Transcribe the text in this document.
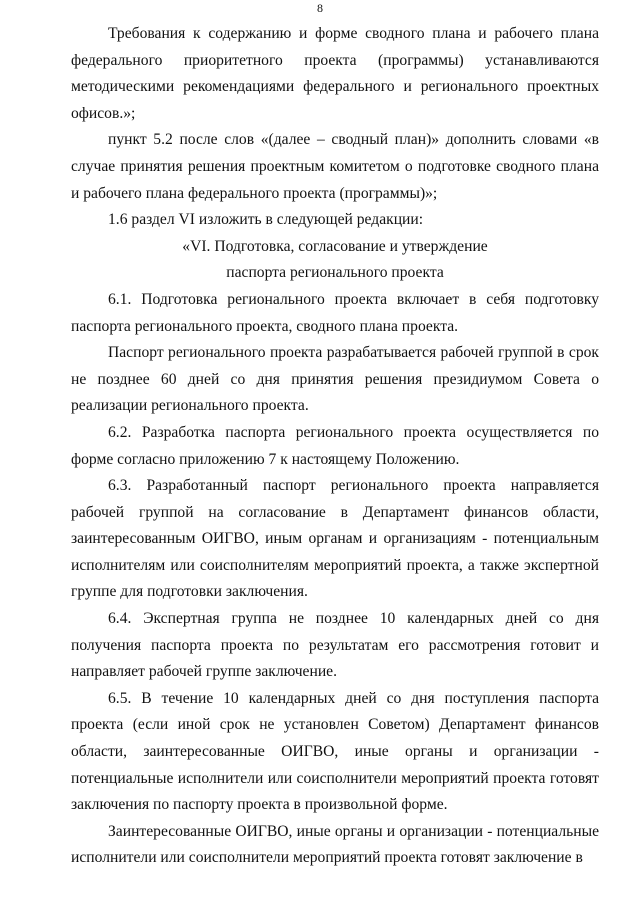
8

Требования к содержанию и форме сводного плана и рабочего плана федерального приоритетного проекта (программы) устанавливаются методическими рекомендациями федерального и регионального проектных офисов.»;

пункт 5.2 после слов «(далее – сводный план)» дополнить словами «в случае принятия решения проектным комитетом о подготовке сводного плана и рабочего плана федерального проекта (программы)»;

1.6 раздел VI изложить в следующей редакции:

«VI. Подготовка, согласование и утверждение

паспорта регионального проекта

6.1. Подготовка регионального проекта включает в себя подготовку паспорта регионального проекта, сводного плана проекта.

Паспорт регионального проекта разрабатывается рабочей группой в срок не позднее 60 дней со дня принятия решения президиумом Совета о реализации регионального проекта.

6.2. Разработка паспорта регионального проекта осуществляется по форме согласно приложению 7 к настоящему Положению.

6.3. Разработанный паспорт регионального проекта направляется рабочей группой на согласование в Департамент финансов области, заинтересованным ОИГВО, иным органам и организациям - потенциальным исполнителям или соисполнителям мероприятий проекта, а также экспертной группе для подготовки заключения.

6.4. Экспертная группа не позднее 10 календарных дней со дня получения паспорта проекта по результатам его рассмотрения готовит и направляет рабочей группе заключение.

6.5. В течение 10 календарных дней со дня поступления паспорта проекта (если иной срок не установлен Советом) Департамент финансов области, заинтересованные ОИГВО, иные органы и организации - потенциальные исполнители или соисполнители мероприятий проекта готовят заключения по паспорту проекта в произвольной форме.

Заинтересованные ОИГВО, иные органы и организации - потенциальные исполнители или соисполнители мероприятий проекта готовят заключение в
